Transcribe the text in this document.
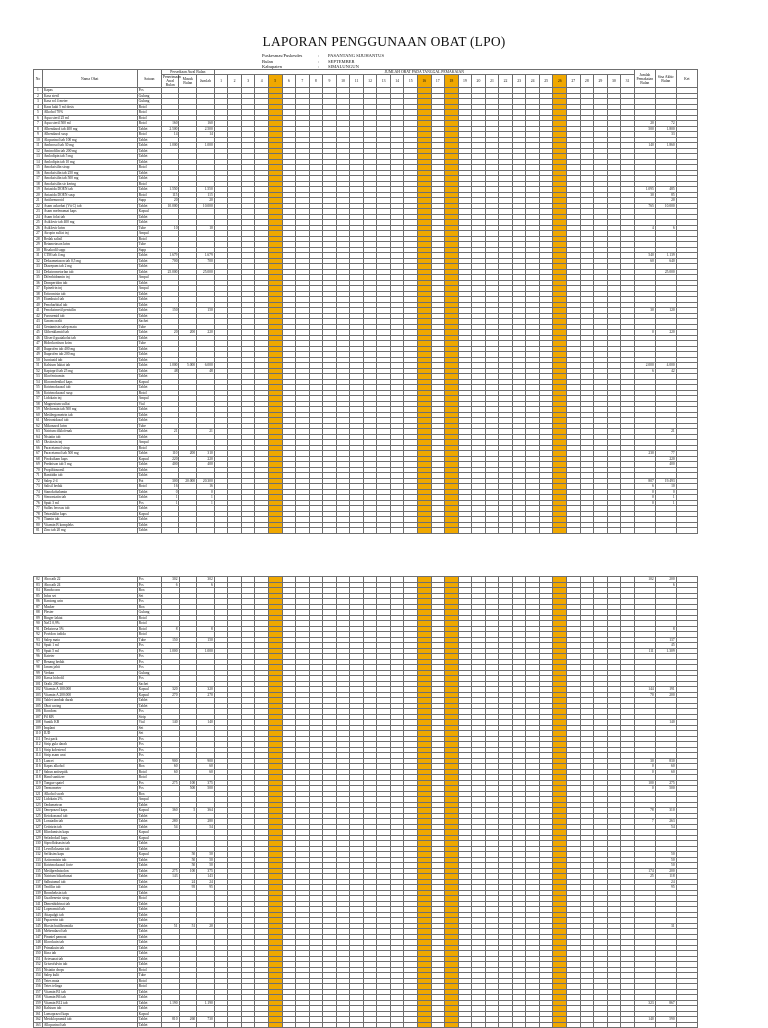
LAPORAN PENGGUNAAN OBAT (LPO)
Puskesmas/Puskesdes	:	PASANTANG SIJUHANTUS
Bulan	:	SEPTEMBER
Kabupaten	:	SIMALUNGUN
No	Nama Obat	Satuan	Persediaan Awal Bulan			JUMLAH OBAT PADA TANGGAL PEMAKAIAN																															Jumlah Pemakaian Bulan	Sisa Akhir Bulan	Ket
			Penerimaan Awal Bulan	Masuk Bulan	Jumlah	1	2	3	4	5	6	7	8	9	10	11	12	13	14	15	16	17	18	19	20	21	22	23	24	25	26	27	28	29	30	31			
1	Kapas	Pcs																																					
2	Kasa steril	Gulung																																					
3	Kasa rol 4 meter	Gulung																																					
4	Kaus kaki 5 ml dosis	Botol																																					
5	Alkohol 70%	Botol																																					
6	Aqua steril 25 ml	Botol																																					
7	Aqua steril 500 ml	Botol	160		160																																20	72	
8	Albendazol tab 400 mg	Tablet	2.500		2.500																																500	1.800	
9	Albendazol susp	Botol	14		14																																	33	
10	Alopurinol tab 100 mg	Tablet																																					
11	Ambroxol tab 30 mg	Tablet	1.000		1.000																																140	1.860	
12	Aminofilin tab 200 mg	Tablet																																					
13	Amlodipin tab 5 mg	Tablet																																					
14	Amlodipin tab 10 mg	Tablet																																					
15	Amoksisilin sirup	Botol																																					
16	Amoksisilin tab 250 mg	Tablet																																					
17	Amoksisilin tab 500 mg	Tablet																																					
18	Amoksisilin sir kering	Botol																																					
19	Antasida DOEN tab	Tablet	1.550		1.550																																1.095	485	
20	Antasida DOEN susp	Botol	115		115																																30	85	
21	Antihemoroid	Supp	20		20																																	20	
22	Asam askorbat (Vit C) tab	Tablet	10.000		10.000																																765	10.000	
23	Asam mefenamat kaps	Kapsul																																					
24	Asam folat tab	Tablet																																					
25	Asiklovir tab 400 mg	Tablet																																					
26	Asiklovir krim	Tube	10		10																																4	6	
27	Atropin sulfat inj	Ampul																																					
28	Bedak salisil	Botol																																					
29	Betametason krim	Tube																																					
30	Bisakodil supp	Supp																																					
31	CTM tab 4 mg	Tablet	1.679		1.679																																540	1.139	
32	Deksametason tab 0,5 mg	Tablet	700		700																																60	640	
33	Diazepam tab 2 mg	Tablet																																					
34	Dekstrometorfan tab	Tablet	25.000		25.000																																	25.000	
35	Difenhidramin inj	Ampul																																					
36	Domperidon tab	Tablet																																					
37	Epinefrin inj	Ampul																																					
38	Eritromisin tab	Tablet																																					
39	Etambutol tab	Tablet																																					
40	Fenobarbital tab	Tablet																																					
41	Fenoksimetil penisilin	Tablet	150		150																																30	120	
42	Furosemid tab	Tablet																																					
43	Garam oralit	Sachet																																					
44	Gentamisin salep mata	Tube																																					
45	Glibenklamid tab	Tablet	20	200	220																																0	220	
46	Gliseril guaiakolat tab	Tablet																																					
47	Hidrokortison krim	Tube																																					
48	Ibuprofen tab 400 mg	Tablet																																					
49	Ibuprofen tab 200 mg	Tablet																																					
50	Isoniazid tab	Tablet																																					
51	Kalsium laktat tab	Tablet	1.000	5.000	6.000																																2.000	4.000	
52	Kaptopril tab 25 mg	Tablet	48		48																																6	42	
53	Klorfeniramin	Tablet																																					
54	Kloramfenikol kaps	Kapsul																																					
55	Kotrimoksazol tab	Tablet																																					
56	Kotrimoksazol susp	Botol																																					
57	Lidokain inj	Ampul																																					
58	Magnesium sulfat	Vial																																					
59	Metformin tab 500 mg	Tablet																																					
60	Metilergometrin tab	Tablet																																					
61	Metronidazol tab	Tablet																																					
62	Mikonazol krim	Tube																																					
63	Natrium diklofenak	Tablet	21		21																																	21	
64	Nistatin tab	Tablet																																					
65	Oksitosin inj	Ampul																																					
66	Paracetamol sirup	Botol																																					
67	Paracetamol tab 500 mg	Tablet	110	200	310																																230	77	
68	Piroksikam kaps	Kapsul	220		220																																	220	
69	Prednison tab 5 mg	Tablet	400		400																																	400	
70	Propiltiourasil	Tablet																																					
71	Ranitidin tab	Tablet																																					
72	Salep 2-4	Pot	300	20.000	20.300																																807	19.493	
73	Salisil bedak	Botol	16		16																																6	10	
74	Sianokobalamin	Tablet	0		0																																0	0	
75	Simvastatin tab	Tablet	1		1																																0	1	
76	Spuit 3 ml	Pcs	1		1																																0	1	
77	Sulfas ferosus tab	Tablet																																					
78	Tetrasiklin kaps	Kapsul																																					
79	Tiamin tab	Tablet																																					
80	Vitamin B kompleks	Tablet																																					
81	Zinc tab 20 mg	Tablet																																					
82	Abocath 22	Pcs	302		302																																102	200	
83	Abocath 24	Pcs	6		6																																	6	
84	Handscoon	Box																																					
85	Infus set	Set																																					
86	Kantong urin	Pcs																																					
87	Masker	Box																																					
88	Plester	Gulung																																					
89	Ringer laktat	Botol																																					
90	NaCl 0,9%	Botol																																					
91	Dekstrosa 5%	Botol	8		8																																	8	
92	Povidon iodida	Botol																																					
93	Salep mata	Tube	150		150																																	137	
94	Spuit 1 ml	Pcs																																				45	
95	Spuit 5 ml	Pcs	1.000		1.000																																111	1.309	
96	Kateter	Pcs																																					
97	Benang bedah	Pcs																																					
98	Jarum jahit	Pcs																																					
99	Verban	Gulung																																					
100	Kassa hidrofil	Pcs																																					
101	Oralit 200 ml	Sachet																																					
102	Vitamin A 100.000	Kapsul	320		320																																144	191	
103	Vitamin A 200.000	Kapsul	270		270																																70	200	
104	Tablet tambah darah	Tablet																																					
105	Obat cacing	Tablet																																					
106	Kondom	Pcs																																					
107	Pil KB	Strip																																					
108	Suntik KB	Vial	140		140																																	140	
109	Implant	Set																																					
110	IUD	Set																																					
111	Test pack	Pcs																																					
112	Strip gula darah	Pcs																																					
113	Strip kolesterol	Pcs																																					
114	Strip asam urat	Pcs																																					
115	Lancet	Pcs	900		900																																30	830	
116	Kapas alkohol	Box	60		60																																0	60	
117	Sabun antiseptik	Botol	60		60																																0	60	
118	Hand sanitizer	Botol																																					
119	Tongue spatel	Pcs	275	100	375																																100	275	
120	Termometer	Pcs		500	500																																0	500	
121	Alkohol swab	Box																																					
122	Lidokain 2%	Ampul																																					
123	Ondansetron	Tablet																																					
124	Omeprazol kaps	Kapsul	360	5	364																																78	310	
125	Ketokonazol tab	Tablet																																					
126	Loratadin tab	Tablet	280		280																																7	263	
127	Cetirizin tab	Tablet	54		54																																	54	
128	Klindamisin kaps	Kapsul																																					
129	Sefadroksil kaps	Kapsul																																					
130	Siprofloksasin tab	Tablet																																					
131	Levofloksasin tab	Tablet																																					
132	Sefiksim kaps	Kapsul		50	50																																	50	
133	Azitromisin tab	Tablet		50	50																																	50	
134	Kotrimoksazol forte	Tablet		50	50																																	50	
135	Metilprednisolon	Tablet	275	100	375																																174	200	
136	Natrium bikarbonat	Tablet	143		143																																25	118	
137	Salbutamol tab	Tablet		24	24																																	24	
138	Teofilin tab	Tablet		95	95																																	95	
139	Bromheksin tab	Tablet																																					
140	Guaifenesin sirup	Botol																																					
141	Dimenhidrinat tab	Tablet																																					
142	Loperamid tab	Tablet																																					
143	Attapulgit tab	Tablet																																					
144	Papaverin tab	Tablet																																					
145	Hiosin butilbromida	Tablet	51	51	20																																	31	
146	Mebendazol tab	Tablet																																					
147	Pirantel pamoat	Tablet																																					
148	Klorokuin tab	Tablet																																					
149	Primakuin tab	Tablet																																					
150	Kina tab	Tablet																																					
151	Artesunat tab	Tablet																																					
152	Griseofulvin tab	Tablet																																					
153	Nistatin drops	Botol																																					
154	Salep kulit	Tube																																					
155	Tetes mata	Botol																																					
156	Tetes telinga	Botol																																					
157	Vitamin B1 tab	Tablet																																					
158	Vitamin B6 tab	Tablet																																					
159	Vitamin B12 tab	Tablet	1.190		1.190																																323	867	
160	Kalsium tab	Tablet																																					
161	Lansoprazol kaps	Kapsul																																					
162	Metoklopramid tab	Tablet	810	260	730																																140	590	
163	Allopurinol tab	Tablet																																					
